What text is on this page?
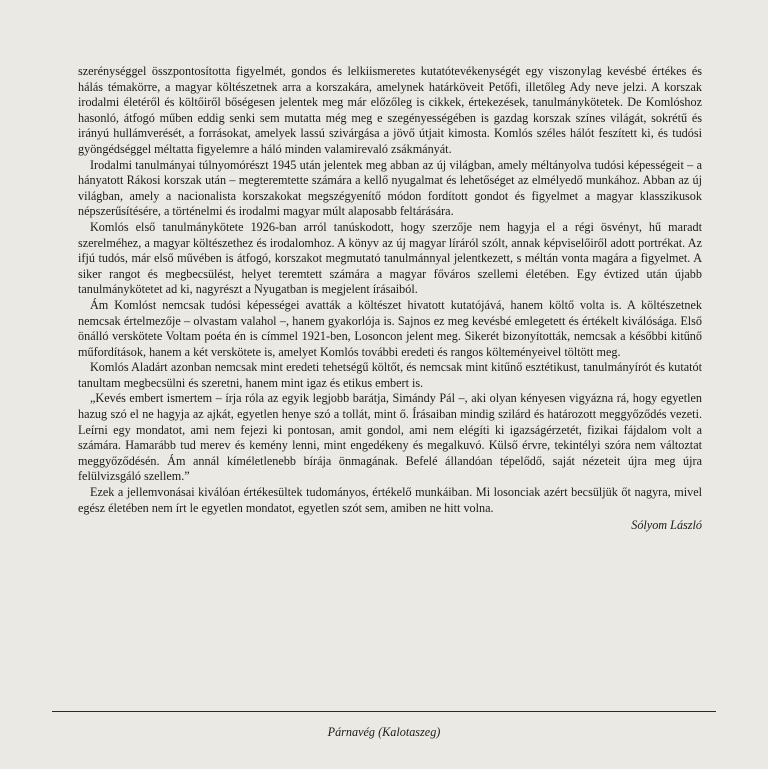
szerénységgel összpontosította figyelmét, gondos és lelkiismeretes kutatótevékenységét egy viszonylag kevésbé értékes és hálás témakörre, a magyar költészetnek arra a korszakára, amelynek határköveit Petőfi, illetőleg Ady neve jelzi. A korszak irodalmi életéről és költőiről bőségesen jelentek meg már előzőleg is cikkek, értekezések, tanulmánykötetek. De Komlóshoz hasonló, átfogó műben eddig senki sem mutatta még meg e szegényességében is gazdag korszak színes világát, sokrétű és irányú hullámverését, a forrásokat, amelyek lassú szivárgása a jövő útjait kimosta. Komlós széles hálót feszített ki, és tudósi gyöngédséggel méltatta figyelemre a háló minden valamirevaló zsákmányát.

Irodalmi tanulmányai túlnyomórészt 1945 után jelentek meg abban az új világban, amely méltányolva tudósi képességeit – a hányatott Rákosi korszak után – megteremtette számára a kellő nyugalmat és lehetőséget az elmélyedő munkához. Abban az új világban, amely a nacionalista korszakokat megszégyenítő módon fordított gondot és figyelmet a magyar klasszikusok népszerűsítésére, a történelmi és irodalmi magyar múlt alaposabb feltárására.

Komlós első tanulmánykötete 1926-ban arról tanúskodott, hogy szerzője nem hagyja el a régi ösvényt, hű maradt szerelméhez, a magyar költészethez és irodalomhoz. A könyv az új magyar líráról szólt, annak képviselőiről adott portrékat. Az ifjú tudós, már első művében is átfogó, korszakot megmutató tanulmánnyal jelentkezett, s méltán vonta magára a figyelmet. A siker rangot és megbecsülést, helyet teremtett számára a magyar főváros szellemi életében. Egy évtized után újabb tanulmánykötetet ad ki, nagyrészt a Nyugatban is megjelent írásaiból.

Ám Komlóst nemcsak tudósi képességei avatták a költészet hivatott kutatójává, hanem költő volta is. A költészetnek nemcsak értelmezője – olvastam valahol –, hanem gyakorlója is. Sajnos ez meg kevésbé emlegetett és értékelt kiválósága. Első önálló verskötete Voltam poéta én is címmel 1921-ben, Losoncon jelent meg. Sikerét bizonyították, nemcsak a későbbi kitűnő műfordítások, hanem a két verskötete is, amelyet Komlós további eredeti és rangos költeményeivel töltött meg.

Komlós Aladárt azonban nemcsak mint eredeti tehetségű költőt, és nemcsak mint kitűnő esztétikust, tanulmányírót és kutatót tanultam megbecsülni és szeretni, hanem mint igaz és etikus embert is.

„Kevés embert ismertem – írja róla az egyik legjobb barátja, Simándy Pál –, aki olyan kényesen vigyázna rá, hogy egyetlen hazug szó el ne hagyja az ajkát, egyetlen henye szó a tollát, mint ő. Írásaiban mindig szilárd és határozott meggyőződés vezeti. Leírni egy mondatot, ami nem fejezi ki pontosan, amit gondol, ami nem elégíti ki igazságérzetét, fizikai fájdalom volt a számára. Hamarább tud merev és kemény lenni, mint engedékeny és megalkuvó. Külső érvre, tekintélyi szóra nem változtat meggyőződésén. Ám annál kíméletlenebb bírája önmagának. Befelé állandóan tépelődő, saját nézeteit újra meg újra felülvizsgáló szellem.”

Ezek a jellemvonásai kiválóan értékesültek tudományos, értékelő munkáiban. Mi losonciak azért becsüljük őt nagyra, mivel egész életében nem írt le egyetlen mondatot, egyetlen szót sem, amiben ne hitt volna.

Sólyom László

Párnavég (Kalotaszeg)
